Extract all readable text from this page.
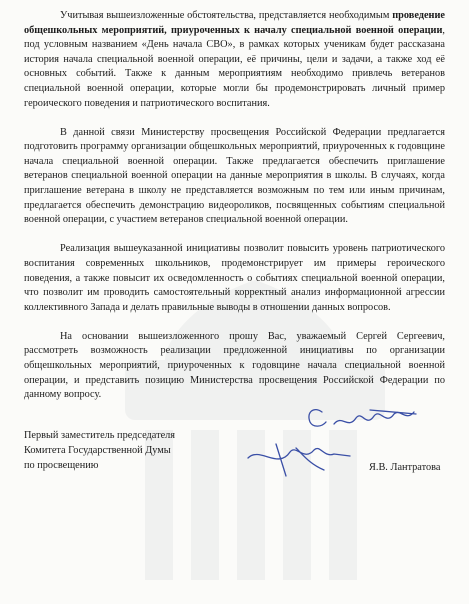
Учитывая вышеизложенные обстоятельства, представляется необходимым проведение общешкольных мероприятий, приуроченных к началу специальной военной операции, под условным названием «День начала СВО», в рамках которых ученикам будет рассказана история начала специальной военной операции, её причины, цели и задачи, а также ход её основных событий. Также к данным мероприятиям необходимо привлечь ветеранов специальной военной операции, которые могли бы продемонстрировать личный пример героического поведения и патриотического воспитания.

В данной связи Министерству просвещения Российской Федерации предлагается подготовить программу организации общешкольных мероприятий, приуроченных к годовщине начала специальной военной операции. Также предлагается обеспечить приглашение ветеранов специальной военной операции на данные мероприятия в школы. В случаях, когда приглашение ветерана в школу не представляется возможным по тем или иным причинам, предлагается обеспечить демонстрацию видеороликов, посвященных событиям специальной военной операции, с участием ветеранов специальной военной операции.

Реализация вышеуказанной инициативы позволит повысить уровень патриотического воспитания современных школьников, продемонстрирует им примеры героического поведения, а также повысит их осведомленность о событиях специальной военной операции, что позволит им проводить самостоятельный корректный анализ информационной агрессии коллективного Запада и делать правильные выводы в отношении данных вопросов.

На основании вышеизложенного прошу Вас, уважаемый Сергей Сергеевич, рассмотреть возможность реализации предложенной инициативы по организации общешкольных мероприятий, приуроченных к годовщине начала специальной военной операции, и представить позицию Министерства просвещения Российской Федерации по данному вопросу.

Первый заместитель председателя
Комитета Государственной Думы
по просвещению	Я.В. Лантратова
